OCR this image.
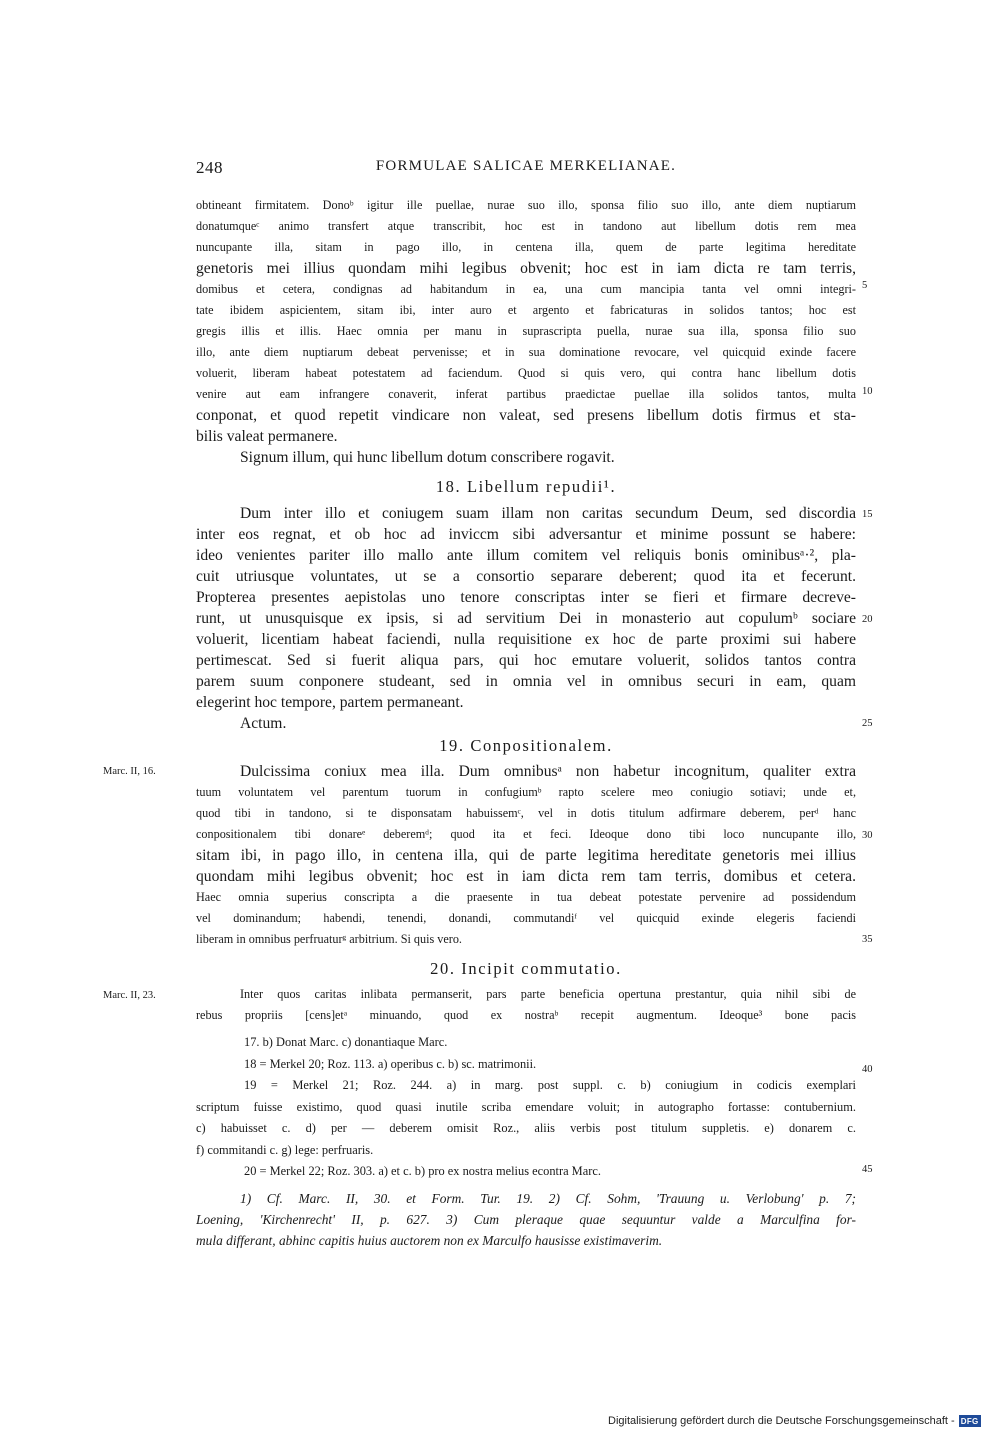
248	FORMULAE SALICAE MERKELIANAE.
obtineant firmitatem. Donoᵇ igitur ille puellae, nurae suo illo, sponsa filio suo illo, ante diem nuptiarum
donatumqueᶜ animo transfert atque transcribit, hoc est in tandono aut libellum dotis rem mea
nuncupante illa, sitam in pago illo, in centena illa, quem de parte legitima hereditate
genetoris mei illius quondam mihi legibus obvenit; hoc est in iam dicta re tam terris,
domibus et cetera, condignas ad habitandum in ea, una cum mancipia tanta vel omni integri-
tate ibidem aspicientem, sitam ibi, inter auro et argento et fabricaturas in solidos tantos; hoc est
gregis illis et illis. Haec omnia per manu in suprascripta puella, nurae sua illa, sponsa filio suo
illo, ante diem nuptiarum debeat pervenisse; et in sua dominatione revocare, vel quicquid exinde facere
voluerit, liberam habeat potestatem ad faciendum. Quod si quis vero, qui contra hanc libellum dotis
venire aut eam infrangere conaverit, inferat partibus praedictae puellae illa solidos tantos, multa
conponat, et quod repetit vindicare non valeat, sed presens libellum dotis firmus et sta-
bilis valeat permanere.
Signum illum, qui hunc libellum dotum conscribere rogavit.
18. Libellum repudii¹.
Dum inter illo et coniugem suam illam non caritas secundum Deum, sed discordia
inter eos regnat, et ob hoc ad inviccm sibi adversantur et minime possunt se habere:
ideo venientes pariter illo mallo ante illum comitem vel reliquis bonis ominibusᵃ·², pla-
cuit utriusque voluntates, ut se a consortio separare deberent; quod ita et fecerunt.
Propterea presentes aepistolas uno tenore conscriptas inter se fieri et firmare decreve-
runt, ut unusquisque ex ipsis, si ad servitium Dei in monasterio aut copulumᵇ sociare
voluerit, licentiam habeat faciendi, nulla requisitione ex hoc de parte proximi sui habere
pertimescat. Sed si fuerit aliqua pars, qui hoc emutare voluerit, solidos tantos contra
parem suum conponere studeant, sed in omnia vel in omnibus securi in eam, quam
elegerint hoc tempore, partem permaneant.
Actum.
19. Conpositionalem.
Marc. II, 16.	Dulcissima coniux mea illa. Dum omnibusᵃ non habetur incognitum, qualiter extra
tuum voluntatem vel parentum tuorum in confugiumᵇ rapto scelere meo coniugio sotiavi; unde et,
quod tibi in tandono, si te disponsatam habuissemᶜ, vel in dotis titulum adfirmare deberem, perᵈ hanc
conpositionalem tibi donareᵉ deberemᵈ; quod ita et feci. Ideoque dono tibi loco nuncupante illo,
sitam ibi, in pago illo, in centena illa, qui de parte legitima hereditate genetoris mei illius
quondam mihi legibus obvenit; hoc est in iam dicta rem tam terris, domibus et cetera.
Haec omnia superius conscripta a die praesente in tua debeat potestate pervenire ad possidendum
vel dominandum; habendi, tenendi, donandi, commutandiᶠ vel quicquid exinde elegeris faciendi
liberam in omnibus perfruaturᵍ arbitrium. Si quis vero.
20. Incipit commutatio.
Marc. II, 23.	Inter quos caritas inlibata permanserit, pars parte beneficia opertuna prestantur, quia nihil sibi de
rebus propriis [cens]etᵃ minuando, quod ex nostraᵇ recepit augmentum. Ideoque³ bone pacis
5
10
15
20
25
30
35
40
45
17. b) Donat Marc. c) donantiaque Marc.
18 = Merkel 20; Roz. 113. a) operibus c. b) sc. matrimonii.
19 = Merkel 21; Roz. 244. a) in marg. post suppl. c. b) coniugium in codicis exemplari
scriptum fuisse existimo, quod quasi inutile scriba emendare voluit; in autographo fortasse: contubernium.
c) habuisset c. d) per — deberem omisit Roz., aliis verbis post titulum suppletis. e) donarem c.
f) commitandi c. g) lege: perfruaris.
20 = Merkel 22; Roz. 303. a) et c. b) pro ex nostra melius econtra Marc.
1) Cf. Marc. II, 30. et Form. Tur. 19. 2) Cf. Sohm, 'Trauung u. Verlobung' p. 7;
Loening, 'Kirchenrecht' II, p. 627. 3) Cum pleraque quae sequuntur valde a Marculfina for-
mula differant, abhinc capitis huius auctorem non ex Marculfo hausisse existimaverim.
Digitalisierung gefördert durch die Deutsche Forschungsgemeinschaft - DFG
